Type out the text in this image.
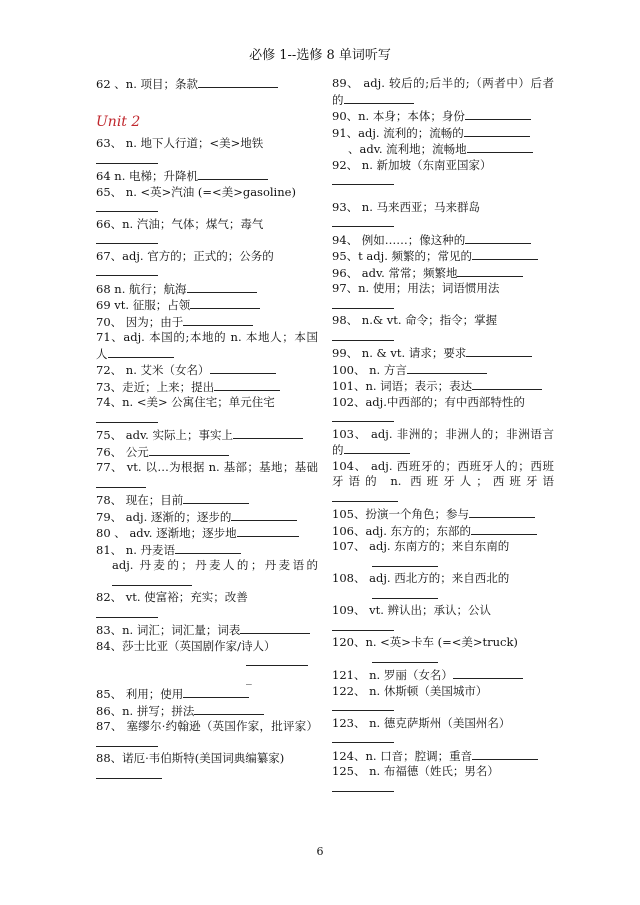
必修 1--选修 8 单词听写

62 、n. 项目；条款

Unit 2

63、 n. 地下人行道；<美>地铁

64 n. 电梯；升降机

65、 n. <英>汽油 (=<美>gasoline)

66、n. 汽油；气体；煤气；毒气

67、adj. 官方的；正式的；公务的

68 n. 航行；航海

69 vt. 征服；占领

70、 因为；由于

71、adj. 本国的;本地的 n. 本地人；本国人

72、 n. 艾米（女名）

73、走近；上来；提出

74、n. <美> 公寓住宅；单元住宅

75、 adv. 实际上；事实上

76、 公元

77、 vt. 以…为根据 n. 基部；基地；基础

78、 现在；目前

79、 adj. 逐渐的；逐步的

80 、 adv. 逐渐地；逐步地

81、 n. 丹麦语

adj. 丹麦的；丹麦人的；丹麦语的

82、 vt. 使富裕；充实；改善

83、n. 词汇；词汇量；词表

84、莎士比亚（英国剧作家/诗人）

_

85、 利用；使用

86、n. 拼写；拼法

87、 塞缪尔·约翰逊（英国作家，批评家）

88、诺厄·韦伯斯特(美国词典编纂家)

89、 adj. 较后的;后半的;（两者中）后者的

90、n. 本身；本体；身份

91、adj. 流利的；流畅的

、adv. 流利地；流畅地

92、 n. 新加坡（东南亚国家）

93、 n. 马来西亚；马来群岛

94、 例如……；像这种的

95、t adj. 频繁的；常见的

96、 adv. 常常；频繁地

97、n. 使用；用法；词语惯用法

98、 n.& vt. 命令；指令；掌握

99、 n. & vt. 请求；要求

100、 n. 方言

101、n. 词语；表示；表达

102、adj.中西部的；有中西部特性的

103、 adj. 非洲的；非洲人的；非洲语言的

104、 adj. 西班牙的；西班牙人的；西班牙语的 n. 西班牙人；西班牙语

105、扮演一个角色；参与

106、adj. 东方的；东部的

107、 adj. 东南方的；来自东南的

108、 adj. 西北方的；来自西北的

109、 vt. 辨认出；承认；公认

120、n. <英>卡车 (=<美>truck)

121、 n. 罗丽（女名）

122、 n. 休斯顿（美国城市）

123、 n. 德克萨斯州（美国州名）

124、n. 口音；腔调；重音

125、 n. 布福德（姓氏；男名）

6
